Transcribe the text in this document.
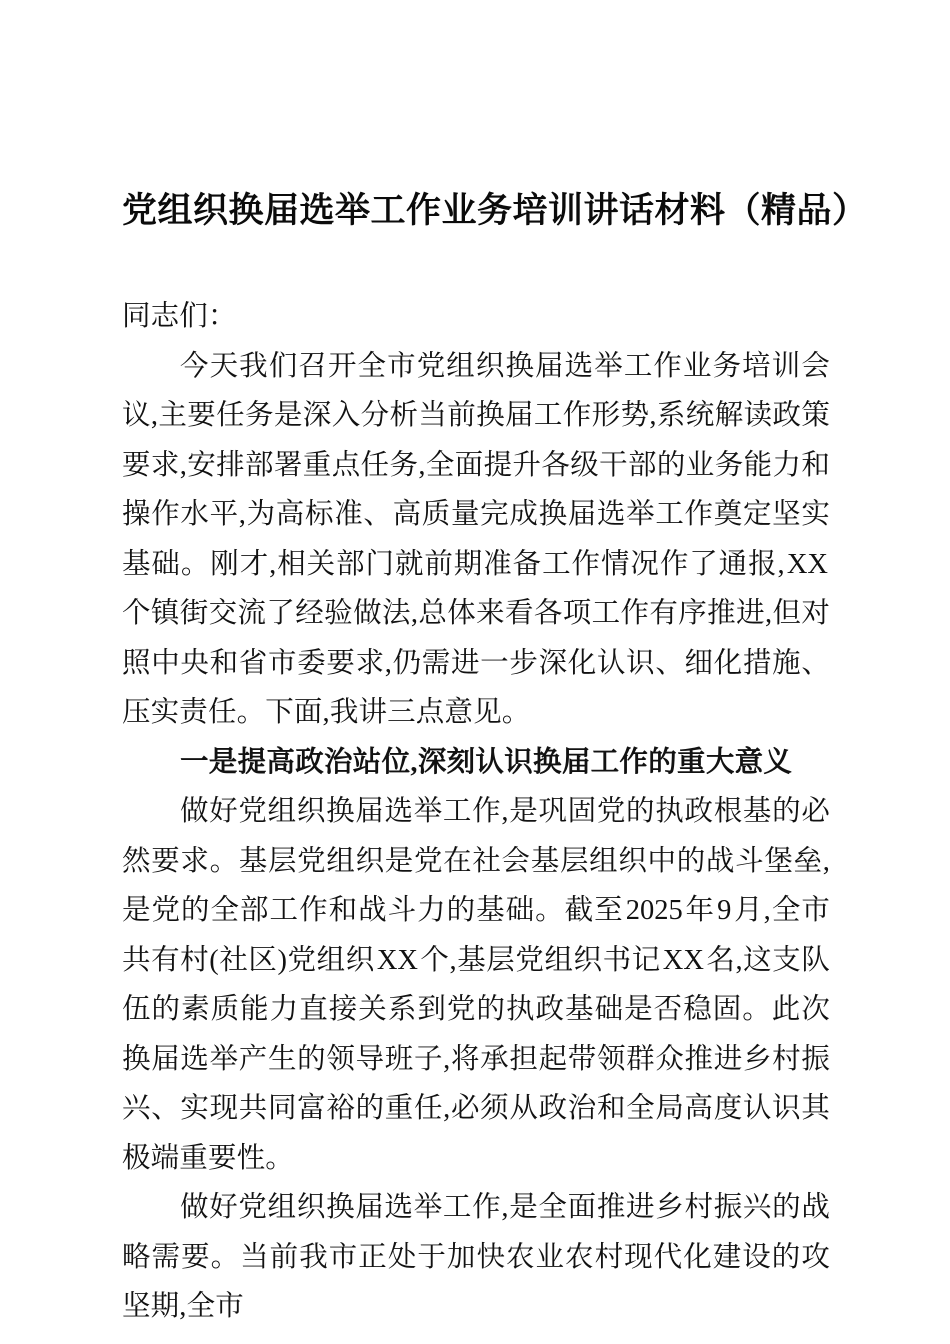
党组织换届选举工作业务培训讲话材料（精品）

同志们：

今天我们召开全市党组织换届选举工作业务培训会议,主要任务是深入分析当前换届工作形势,系统解读政策要求,安排部署重点任务,全面提升各级干部的业务能力和操作水平,为高标准、高质量完成换届选举工作奠定坚实基础。刚才,相关部门就前期准备工作情况作了通报,XX个镇街交流了经验做法,总体来看各项工作有序推进,但对照中央和省市委要求,仍需进一步深化认识、细化措施、压实责任。下面,我讲三点意见。

一是提高政治站位,深刻认识换届工作的重大意义

做好党组织换届选举工作,是巩固党的执政根基的必然要求。基层党组织是党在社会基层组织中的战斗堡垒,是党的全部工作和战斗力的基础。截至2025年9月,全市共有村(社区)党组织XX个,基层党组织书记XX名,这支队伍的素质能力直接关系到党的执政基础是否稳固。此次换届选举产生的领导班子,将承担起带领群众推进乡村振兴、实现共同富裕的重任,必须从政治和全局高度认识其极端重要性。

做好党组织换届选举工作,是全面推进乡村振兴的战略需要。当前我市正处于加快农业农村现代化建设的攻坚期,全市
